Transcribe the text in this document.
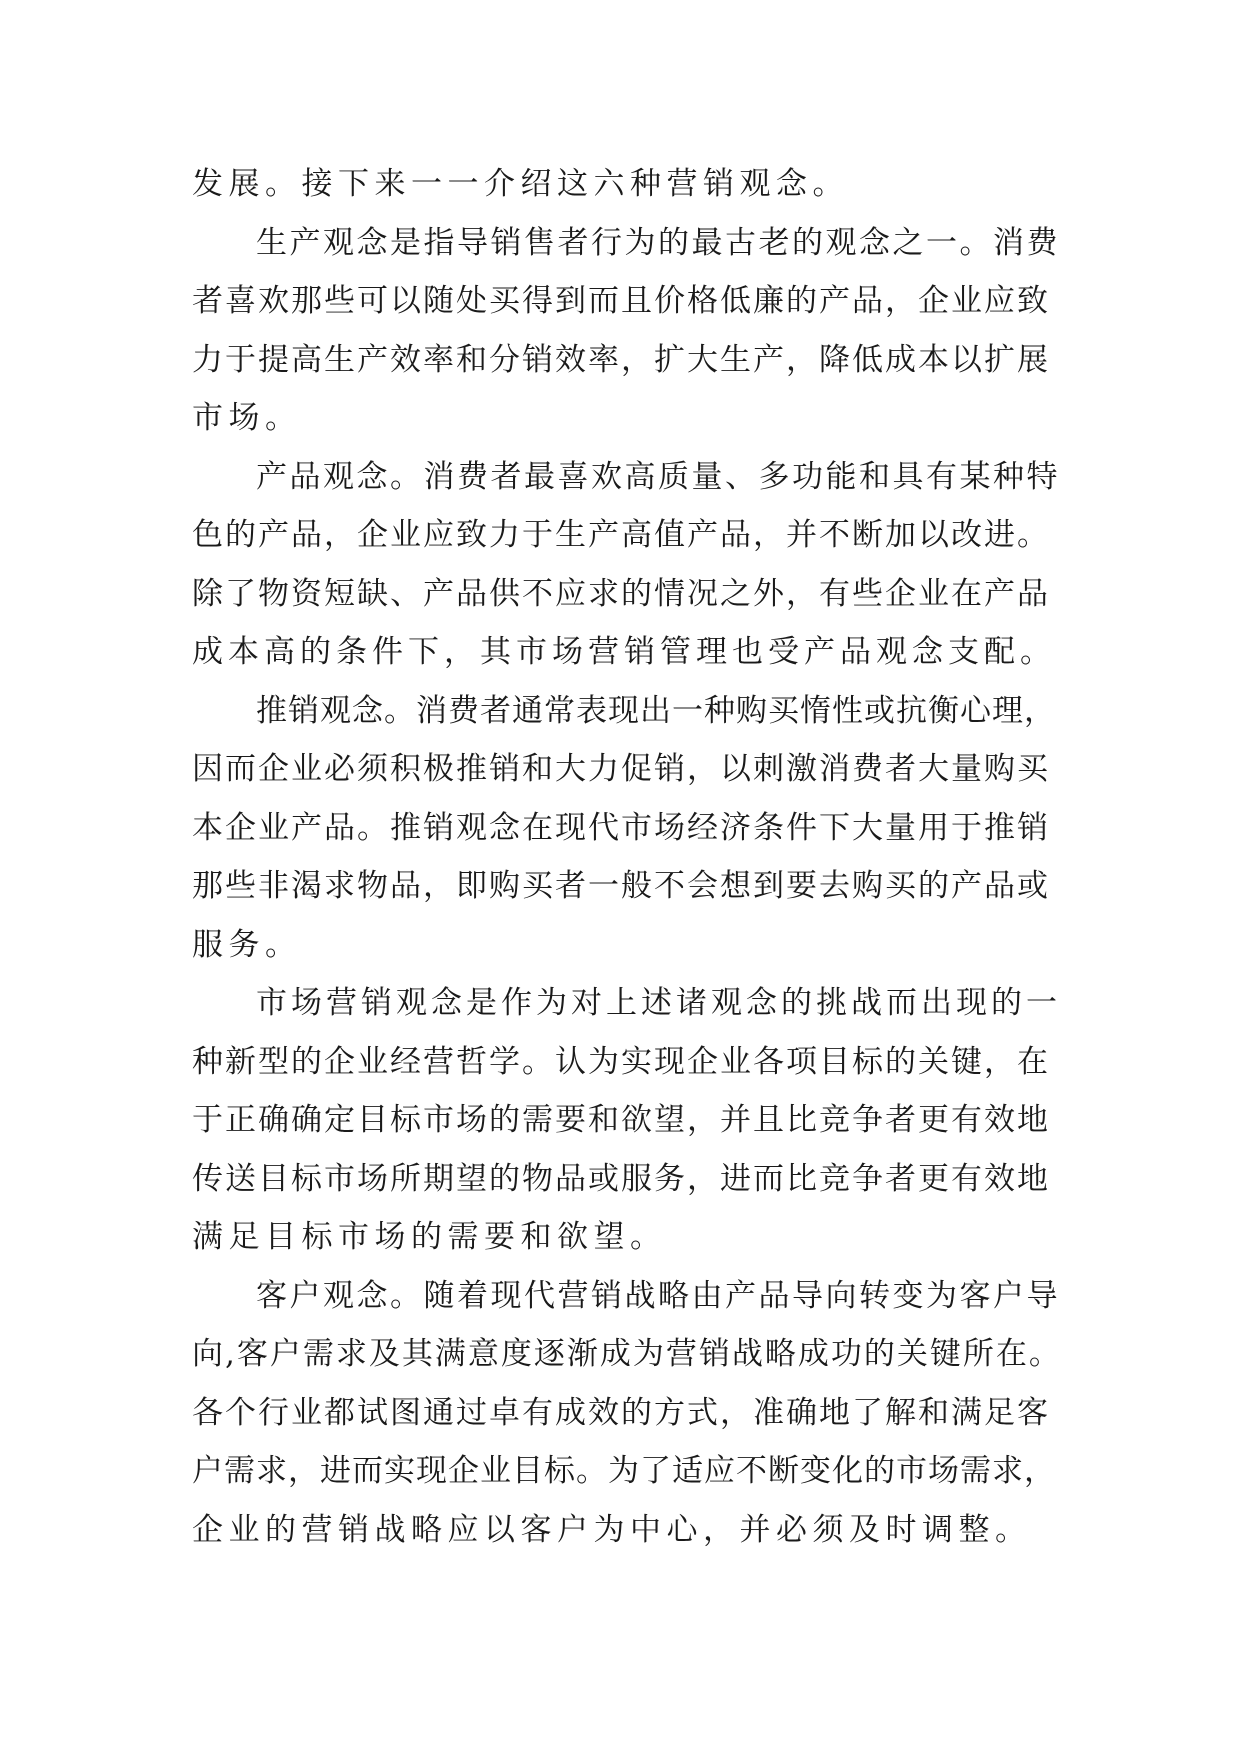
发展。接下来一一介绍这六种营销观念。
生产观念是指导销售者行为的最古老的观念之一。消费
者喜欢那些可以随处买得到而且价格低廉的产品，企业应致
力于提高生产效率和分销效率，扩大生产，降低成本以扩展
市场。
产品观念。消费者最喜欢高质量、多功能和具有某种特
色的产品，企业应致力于生产高值产品，并不断加以改进。
除了物资短缺、产品供不应求的情况之外，有些企业在产品
成本高的条件下，其市场营销管理也受产品观念支配。
推销观念。消费者通常表现出一种购买惰性或抗衡心理，
因而企业必须积极推销和大力促销，以刺激消费者大量购买
本企业产品。推销观念在现代市场经济条件下大量用于推销
那些非渴求物品，即购买者一般不会想到要去购买的产品或
服务。
市场营销观念是作为对上述诸观念的挑战而出现的一
种新型的企业经营哲学。认为实现企业各项目标的关键，在
于正确确定目标市场的需要和欲望，并且比竞争者更有效地
传送目标市场所期望的物品或服务，进而比竞争者更有效地
满足目标市场的需要和欲望。
客户观念。随着现代营销战略由产品导向转变为客户导
向,客户需求及其满意度逐渐成为营销战略成功的关键所在。
各个行业都试图通过卓有成效的方式，准确地了解和满足客
户需求，进而实现企业目标。为了适应不断变化的市场需求，
企业的营销战略应以客户为中心，并必须及时调整。
